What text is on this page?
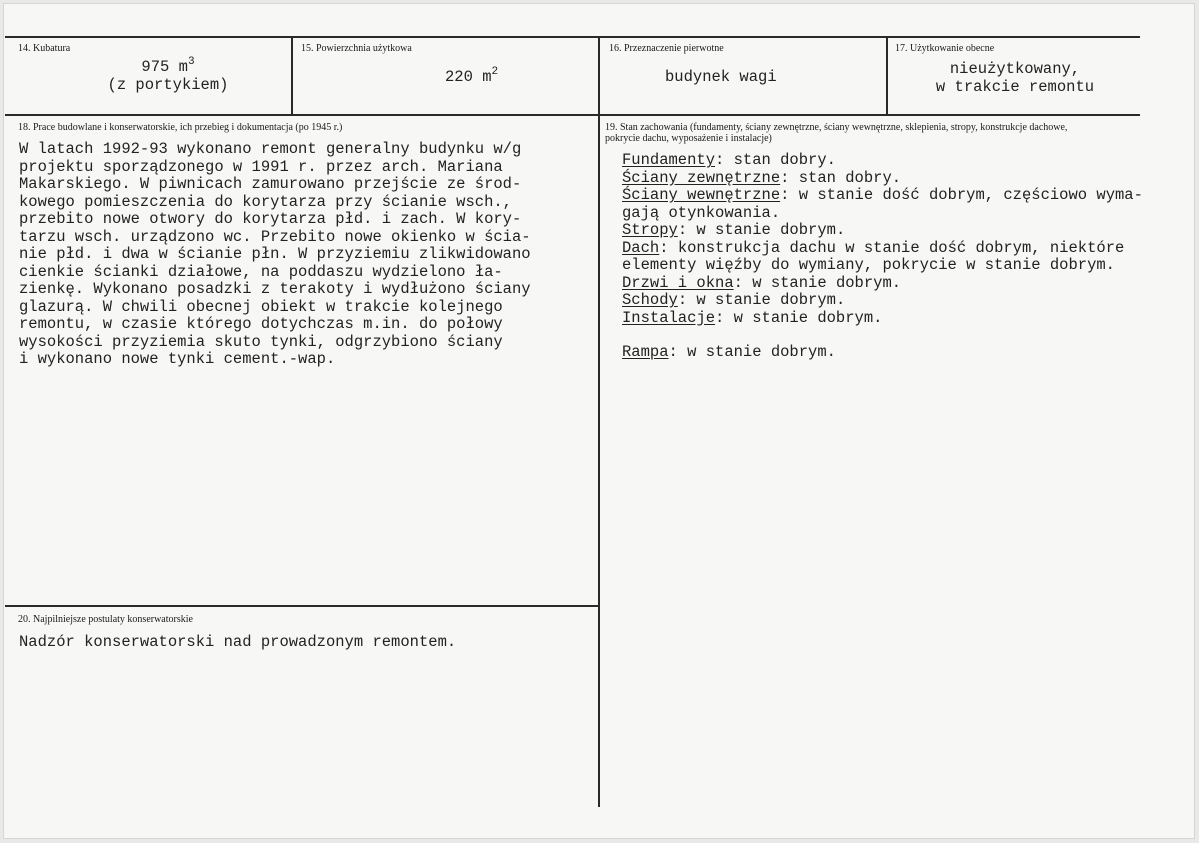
14. Kubatura
975 $m^3$
(z portykiem)
15. Powierzchnia użytkowa
220 $m^2$
16. Przeznaczenie pierwotne
budynek wagi
17. Użytkowanie obecne
nieużytkowany,
w trakcie remontu
18. Prace budowlane i konserwatorskie, ich przebieg i dokumentacja (po 1945 r.)
W latach 1992-93 wykonano remont generalny budynku w/g
projektu sporządzonego w 1991 r. przez arch. Mariana
Makarskiego. W piwnicach zamurowano przejście ze środ-
kowego pomieszczenia do korytarza przy ścianie wsch.,
przebito nowe otwory do korytarza płd. i zach. W kory-
tarzu wsch. urządzono wc. Przebito nowe okienko w ścia-
nie płd. i dwa w ścianie płn. W przyziemiu zlikwidowano
cienkie ścianki działowe, na poddaszu wydzielono ła-
zienkę. Wykonano posadzki z terakoty i wydłużono ściany
glazurą. W chwili obecnej obiekt w trakcie kolejnego
remontu, w czasie którego dotychczas m.in. do połowy
wysokości przyziemia skuto tynki, odgrzybiono ściany
i wykonano nowe tynki cement.-wap.
19. Stan zachowania (fundamenty, ściany zewnętrzne, ściany wewnętrzne, sklepienia, stropy, konstrukcje dachowe,
pokrycie dachu, wyposażenie i instalacje)
Fundamenty: stan dobry.
Ściany zewnętrzne: stan dobry.
Ściany wewnętrzne: w stanie dość dobrym, częściowo wyma-
gają otynkowania.
Stropy: w stanie dobrym.
Dach: konstrukcja dachu w stanie dość dobrym, niektóre
elementy więźby do wymiany, pokrycie w stanie dobrym.
Drzwi i okna: w stanie dobrym.
Schody: w stanie dobrym.
Instalacje: w stanie dobrym.
Rampa: w stanie dobrym.
20. Najpilniejsze postulaty konserwatorskie
Nadzór konserwatorski nad prowadzonym remontem.
